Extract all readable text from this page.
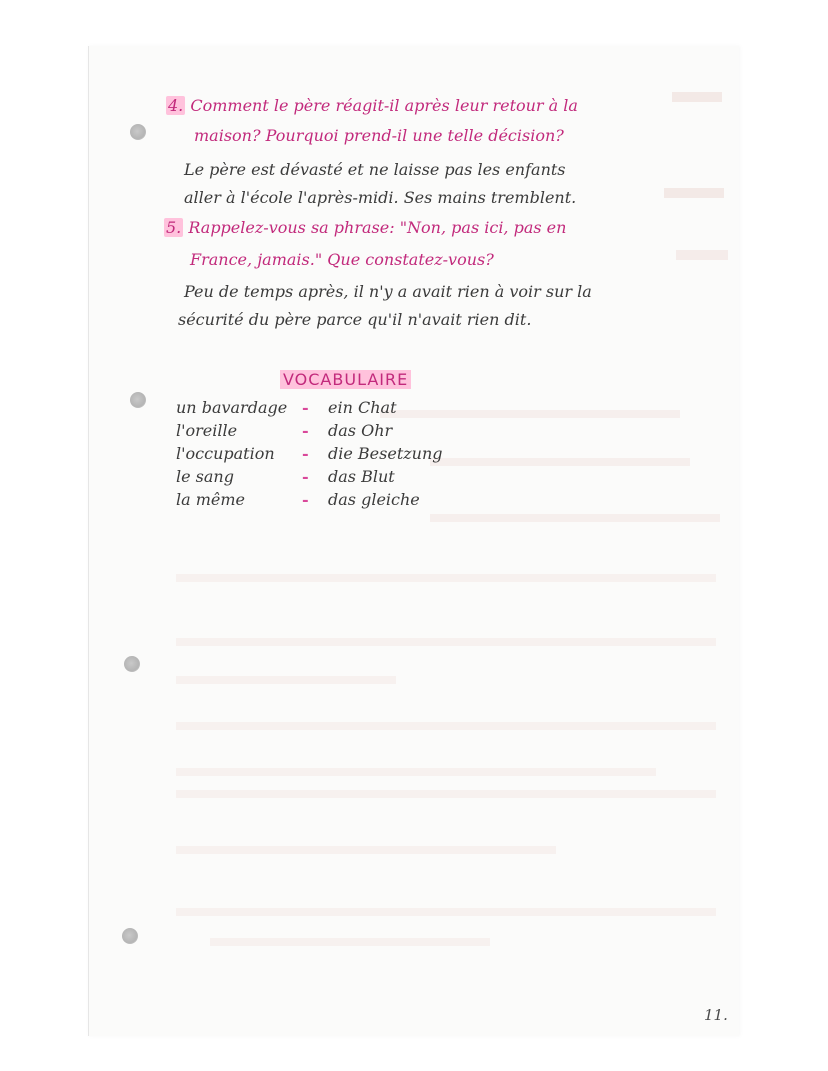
4. Comment le père réagit-il après leur retour à la
maison? Pourquoi prend-il une telle décision?
Le père est dévasté et ne laisse pas les enfants
aller à l'école l'après-midi. Ses mains tremblent.
5. Rappelez-vous sa phrase: "Non, pas ici, pas en
France, jamais." Que constatez-vous?
Peu de temps après, il n'y a avait rien à voir sur la
sécurité du père parce qu'il n'avait rien dit.
VOCABULAIRE
un bavardage -	ein Chat
l'oreille	-	das Ohr
l'occupation	-	die Besetzung
le sang	-	das Blut
la même	-	das gleiche
11.
